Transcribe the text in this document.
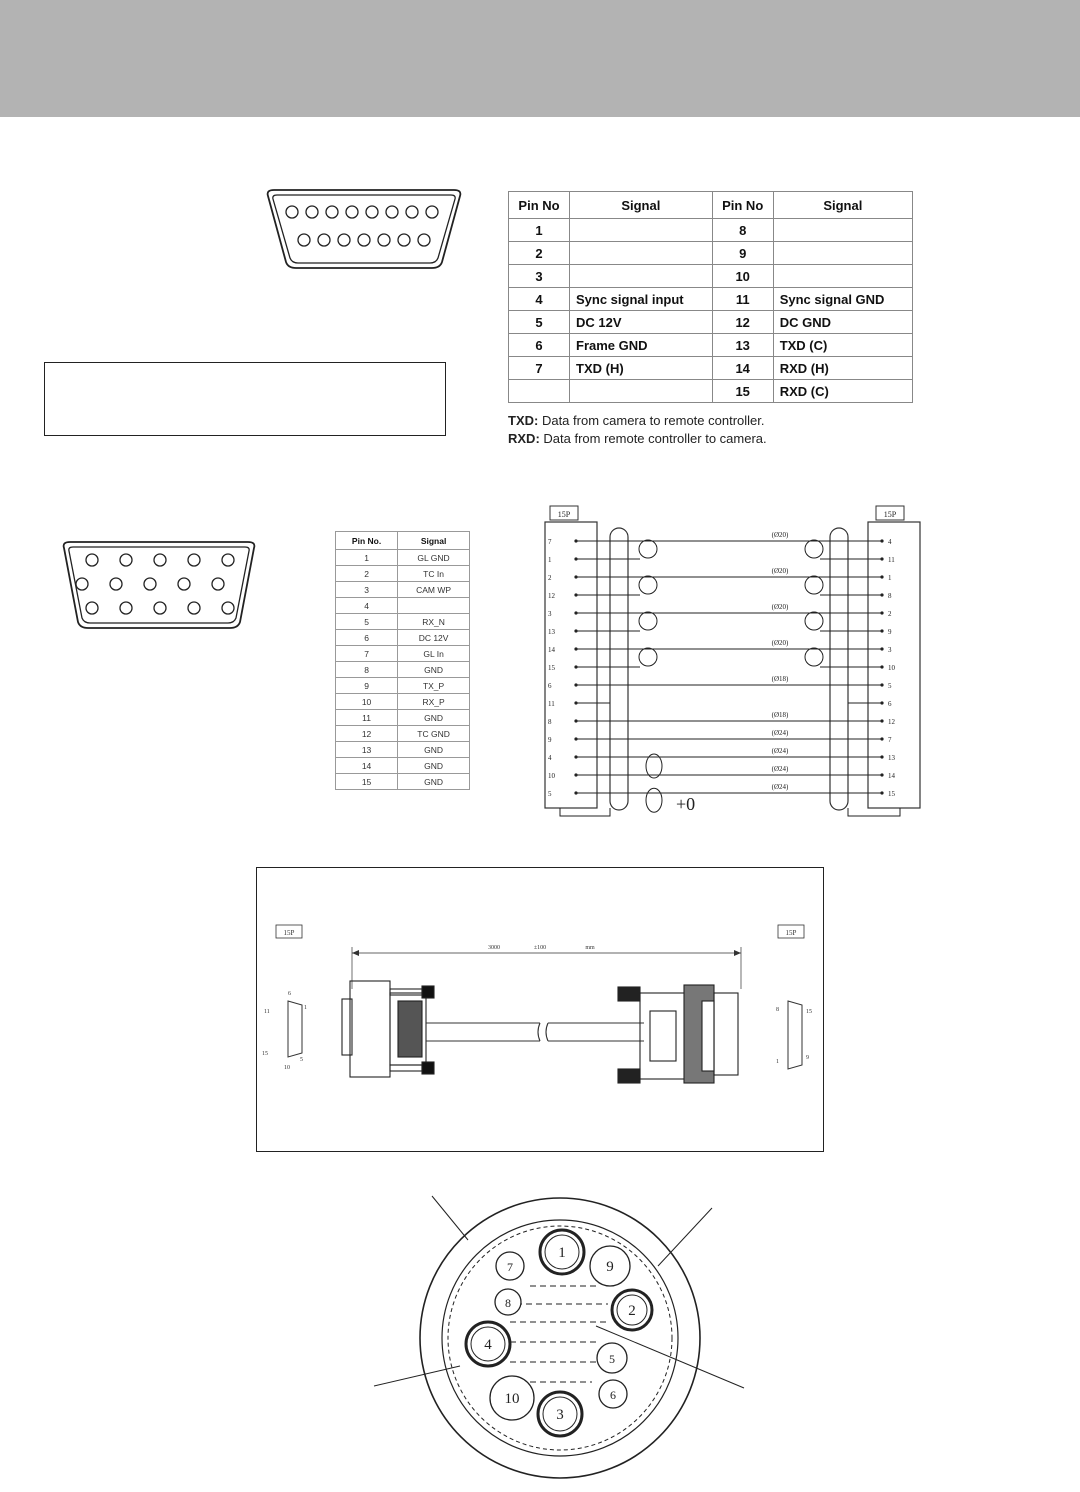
Pin No	Signal	Pin No	Signal
1		8	
2		9	
3		10	
4	Sync signal input	11	Sync signal GND
5	DC 12V	12	DC GND
6	Frame GND	13	TXD (C)
7	TXD (H)	14	RXD (H)
		15	RXD (C)
TXD: Data from camera to remote controller.
RXD: Data from remote controller to camera.
Pin No.	Signal
1	GL GND
2	TC In
3	CAM WP
4	
5	RX_N
6	DC 12V
7	GL In
8	GND
9	TX_P
10	RX_P
11	GND
12	TC GND
13	GND
14	GND
15	GND
15P	15P
7
1
2
12
3
13
14
15
6
11
8
9
4
10
5
4
11
1
8
2
9
3
10
5
6
12
7
13
14
15
(Ø20)
(Ø20)
(Ø20)
(Ø20)
(Ø18)
(Ø18)
(Ø24)
(Ø24)
(Ø24)
(Ø24)
+0
15P	15P
3000	±100	mm
6
1
11
15
5
10
8	15
1
9
1
9
2
5
6
3
10
4
8
7
